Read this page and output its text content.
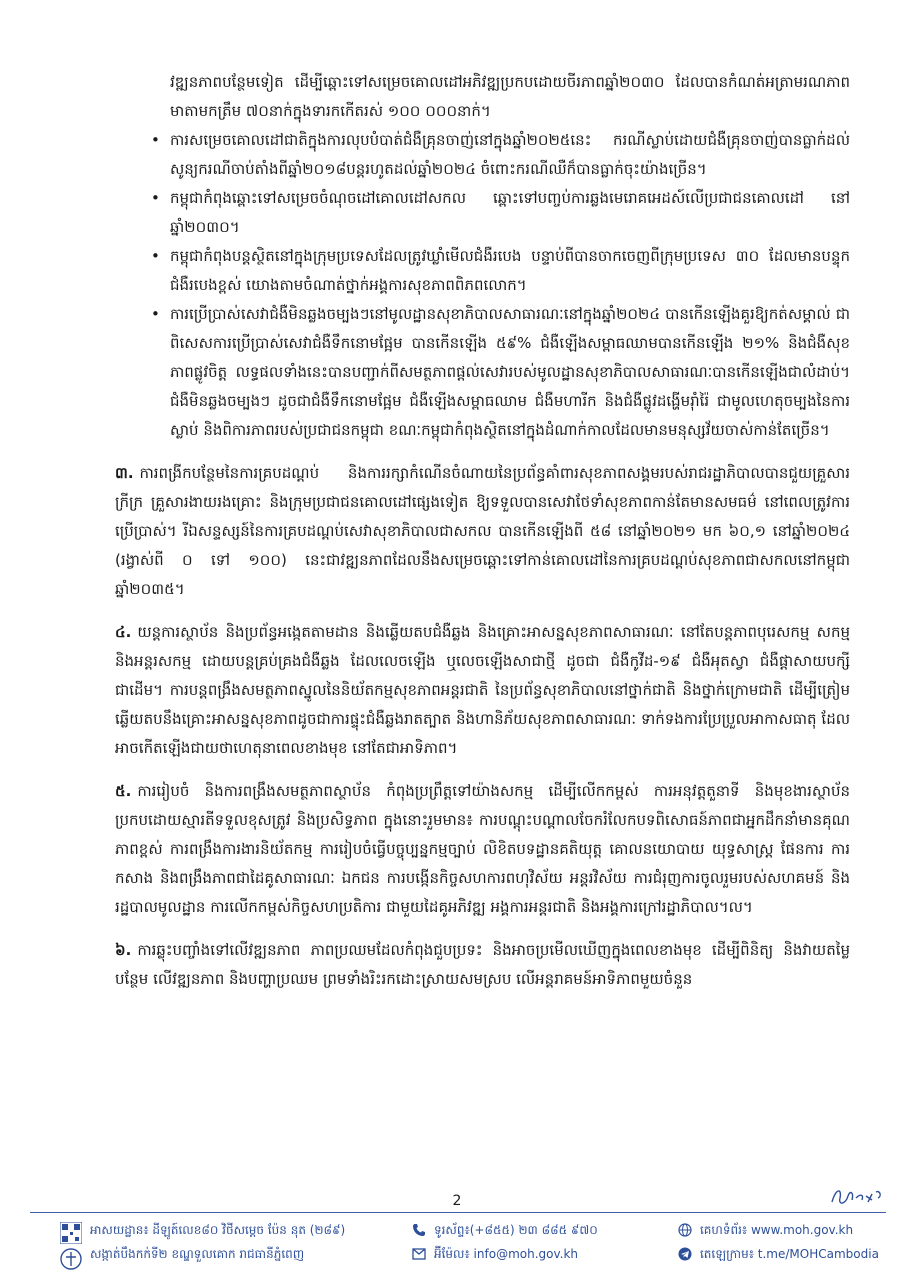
វឌ្ឍនភាពបន្ថែមទៀត ដើម្បីឆ្ពោះទៅសម្រេចគោលដៅអភិវឌ្ឍប្រកបដោយចីរភាពឆ្នាំ២០៣០ ដែលបានកំណត់អត្រាមរណភាពមាតាមកត្រឹម ៧០នាក់ក្នុងទារកកើតរស់ ១០០ ០០០នាក់។

• ការសម្រេចគោលដៅជាតិក្នុងការលុបបំបាត់ជំងឺគ្រុនចាញ់នៅក្នុងឆ្នាំ២០២៥នេះ ករណីស្លាប់ដោយជំងឺគ្រុនចាញ់បានធ្លាក់ដល់សូន្យករណីចាប់តាំងពីឆ្នាំ២០១៨បន្តរហូតដល់ឆ្នាំ២០២៤ ចំពោះករណីឈឺក៏បានធ្លាក់ចុះយ៉ាងច្រើន។
• កម្ពុជាកំពុងឆ្ពោះទៅសម្រេចចំណុចដៅគោលដៅសកល ឆ្ពោះទៅបញ្ចប់ការឆ្លងមេរោគអេដស៍លើប្រជាជនគោលដៅ នៅឆ្នាំ២០៣០។
• កម្ពុជាកំពុងបន្តស្ថិតនៅក្នុងក្រុមប្រទេសដែលត្រូវឃ្លាំមើលជំងឺរបេង បន្ទាប់ពីបានចាកចេញពីក្រុមប្រទេស ៣០ ដែលមានបន្ទុកជំងឺរបេងខ្ពស់ យោងតាមចំណាត់ថ្នាក់អង្គការសុខភាពពិភពលោក។
• ការប្រើប្រាស់សេវាជំងឺមិនឆ្លងចម្បងៗនៅមូលដ្ឋានសុខាភិបាលសាធារណៈនៅក្នុងឆ្នាំ២០២៤ បានកើនឡើងគួរឱ្យកត់សម្គាល់ ជាពិសេសការប្រើប្រាស់សេវាជំងឺទឹកនោមផ្អែម បានកើនឡើង ៥៩% ជំងឺឡើងសម្ពាធឈាមបានកើនឡើង ២១% និងជំងឺសុខភាពផ្លូវចិត្ត លទ្ធផលទាំងនេះបានបញ្ជាក់ពីសមត្ថភាពផ្តល់សេវារបស់មូលដ្ឋានសុខាភិបាលសាធារណៈបានកើនឡើងជាលំដាប់។ ជំងឺមិនឆ្លងចម្បងៗ ដូចជាជំងឺទឹកនោមផ្អែម ជំងឺឡើងសម្ពាធឈាម ជំងឺមហារីក និងជំងឺផ្លូវដង្ហើមរ៉ាំរ៉ៃ ជាមូលហេតុចម្បងនៃការស្លាប់ និងពិការភាពរបស់ប្រជាជនកម្ពុជា ខណៈកម្ពុជាកំពុងស្ថិតនៅក្នុងដំណាក់កាលដែលមានមនុស្សវ័យចាស់កាន់តែច្រើន។

៣. ការពង្រីកបន្ថែមនៃការគ្របដណ្តប់ និងការរក្សាកំណើនចំណាយនៃប្រព័ន្ធគាំពារសុខភាពសង្គមរបស់រាជរដ្ឋាភិបាលបានជួយគ្រួសារក្រីក្រ គ្រួសារងាយរងគ្រោះ និងក្រុមប្រជាជនគោលដៅផ្សេងទៀត ឱ្យទទួលបានសេវាថែទាំសុខភាពកាន់តែមានសមធម៌ នៅពេលត្រូវការប្រើប្រាស់។ រីឯសន្ទស្សន៍នៃការគ្របដណ្តប់សេវាសុខាភិបាលជាសកល បានកើនឡើងពី ៥៨ នៅឆ្នាំ២០២១ មក ៦០,១ នៅឆ្នាំ២០២៤ (រង្វាស់ពី ០ ទៅ ១០០) នេះជាវឌ្ឍនភាពដែលនឹងសម្រេចឆ្ពោះទៅកាន់គោលដៅនៃការគ្របដណ្តប់សុខភាពជាសកលនៅកម្ពុជា ឆ្នាំ២០៣៥។

៤. យន្តការស្ថាប័ន និងប្រព័ន្ធអង្កេតតាមដាន និងឆ្លើយតបជំងឺឆ្លង និងគ្រោះអាសន្នសុខភាពសាធារណៈ នៅតែបន្តភាពបុរេសកម្ម សកម្ម និងអន្តរសកម្ម ដោយបន្តគ្រប់គ្រងជំងឺឆ្លង ដែលលេចឡើង ឬលេចឡើងសាជាថ្មី ដូចជា ជំងឺកូវីដ-១៩ ជំងឺអុតស្វា ជំងឺផ្តាសាយបក្សី ជាដើម។ ការបន្តពង្រឹងសមត្ថភាពស្នូលនៃនិយ័តកម្មសុខភាពអន្តរជាតិ នៃប្រព័ន្ធសុខាភិបាលនៅថ្នាក់ជាតិ និងថ្នាក់ក្រោមជាតិ ដើម្បីត្រៀមឆ្លើយតបនឹងគ្រោះអាសន្នសុខភាពដូចជាការផ្ទុះជំងឺឆ្លងរាតត្បាត និងហានិភ័យសុខភាពសាធារណៈ ទាក់ទងការប្រែប្រួលអាកាសធាតុ ដែលអាចកើតឡើងជាយថាហេតុនាពេលខាងមុខ នៅតែជាអាទិភាព។

៥. ការរៀបចំ និងការពង្រឹងសមត្ថភាពស្ថាប័ន កំពុងប្រព្រឹត្តទៅយ៉ាងសកម្ម ដើម្បីលើកកម្ពស់ ការអនុវត្តតួនាទី និងមុខងារស្ថាប័នប្រកបដោយស្មារតីទទួលខុសត្រូវ និងប្រសិទ្ធភាព ក្នុងនោះរួមមាន៖ ការបណ្តុះបណ្តាលចែករំលែកបទពិសោធន៍ភាពជាអ្នកដឹកនាំមានគុណភាពខ្ពស់ ការពង្រឹងការងារនិយ័តកម្ម ការរៀបចំធ្វើបច្ចុប្បន្នកម្មច្បាប់ លិខិតបទដ្ឋានគតិយុត្ត គោលនយោបាយ យុទ្ធសាស្ត្រ ផែនការ ការកសាង និងពង្រឹងភាពជាដៃគូសាធារណៈ ឯកជន ការបង្កើនកិច្ចសហការពហុវិស័យ អន្តរវិស័យ ការជំរុញការចូលរួមរបស់សហគមន៍ និងរដ្ឋបាលមូលដ្ឋាន ការលើកកម្ពស់កិច្ចសហប្រតិការ ជាមួយដៃគូអភិវឌ្ឍ អង្គការអន្តរជាតិ និងអង្គការក្រៅរដ្ឋាភិបាល។ល។

៦. ការឆ្លុះបញ្ចាំងទៅលើវឌ្ឍនភាព ភាពប្រឈមដែលកំពុងជួបប្រទះ និងអាចប្រមើលឃើញក្នុងពេលខាងមុខ ដើម្បីពិនិត្យ និងវាយតម្លៃបន្ថែម លើវឌ្ឍនភាព និងបញ្ហាប្រឈម ព្រមទាំងរិះរកដោះស្រាយសមស្រប លើអន្តរាគមន៍អាទិភាពមួយចំនួន

2
អាសយដ្ឋាន៖ ដីឡូត៍លេខ៨០ វិថីសម្តេច ប៉ែន នុត (២៨៩)
សង្កាត់បឹងកក់ទី២ ខណ្ឌទួលគោក រាជធានីភ្នំពេញ
ទូរស័ព្ទ៖(+៨៥៥) ២៣ ៨៨៥ ៩៧០
អ៊ីម៉ែល៖ info@moh.gov.kh
គេហទំព័រ៖ www.moh.gov.kh
តេឡេក្រាម៖ t.me/MOHCambodia
